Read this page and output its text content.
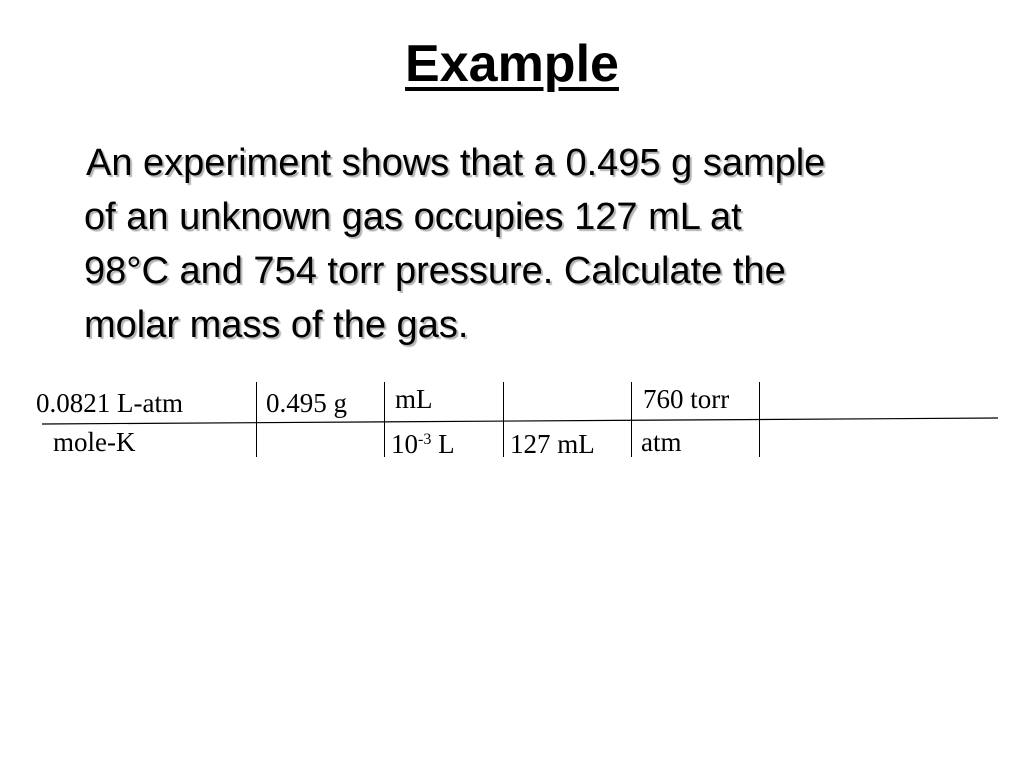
Example
An experiment shows that a 0.495 g sample
of an unknown gas occupies 127 mL at
98°C and 754 torr pressure. Calculate the
molar mass of the gas.
0.0821 L-atm
mole-K
0.495 g mL
$10^{-3}$ L 127 mL
760 torr
atm
